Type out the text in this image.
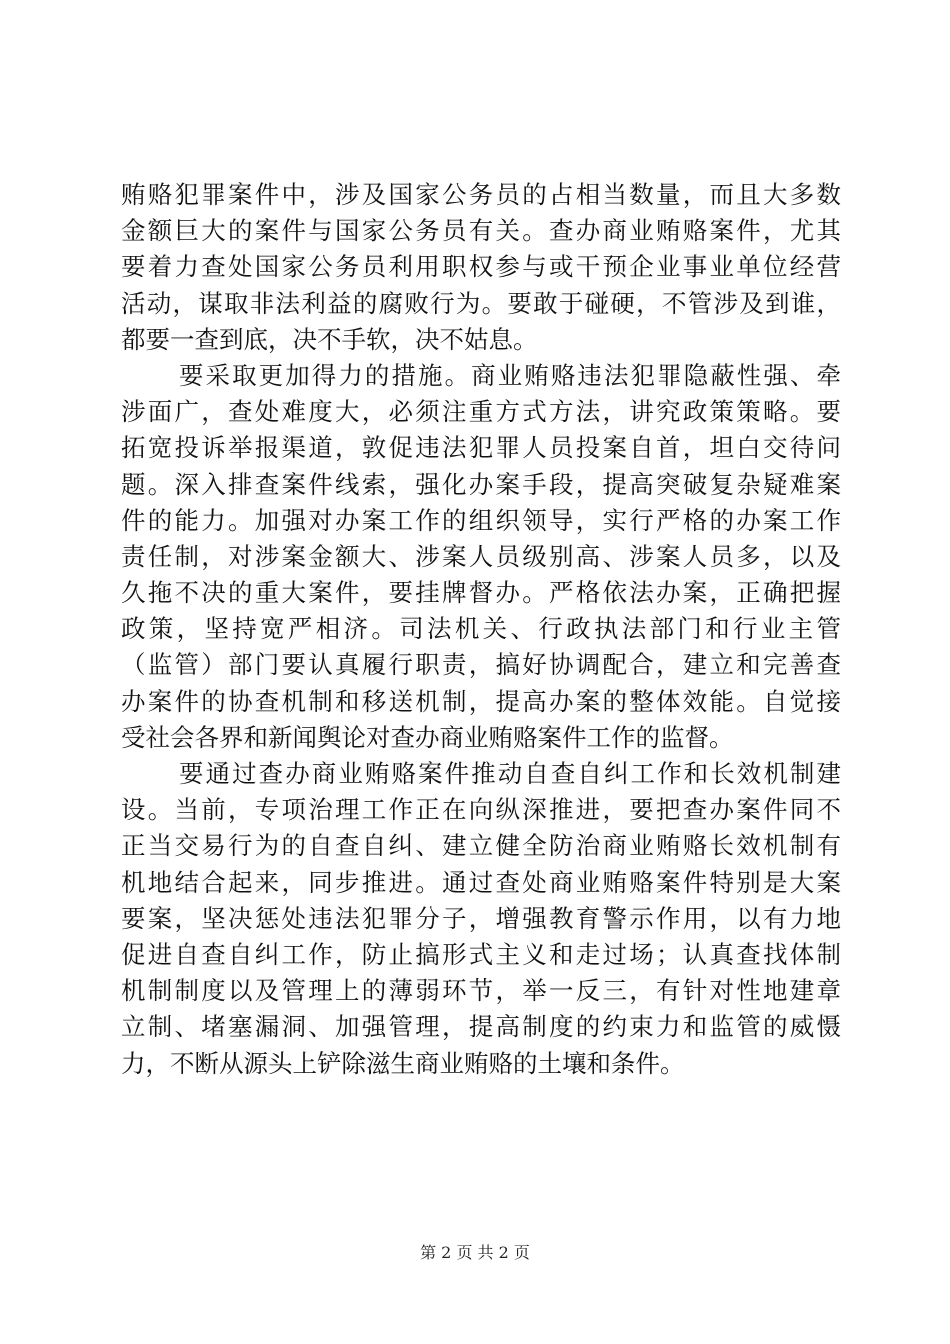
贿赂犯罪案件中，涉及国家公务员的占相当数量，而且大多数
金额巨大的案件与国家公务员有关。查办商业贿赂案件，尤其
要着力查处国家公务员利用职权参与或干预企业事业单位经营
活动，谋取非法利益的腐败行为。要敢于碰硬，不管涉及到谁，
都要一查到底，决不手软，决不姑息。
要采取更加得力的措施。商业贿赂违法犯罪隐蔽性强、牵
涉面广，查处难度大，必须注重方式方法，讲究政策策略。要
拓宽投诉举报渠道，敦促违法犯罪人员投案自首，坦白交待问
题。深入排查案件线索，强化办案手段，提高突破复杂疑难案
件的能力。加强对办案工作的组织领导，实行严格的办案工作
责任制，对涉案金额大、涉案人员级别高、涉案人员多，以及
久拖不决的重大案件，要挂牌督办。严格依法办案，正确把握
政策，坚持宽严相济。司法机关、行政执法部门和行业主管
（监管）部门要认真履行职责，搞好协调配合，建立和完善查
办案件的协查机制和移送机制，提高办案的整体效能。自觉接
受社会各界和新闻舆论对查办商业贿赂案件工作的监督。
要通过查办商业贿赂案件推动自查自纠工作和长效机制建
设。当前，专项治理工作正在向纵深推进，要把查办案件同不
正当交易行为的自查自纠、建立健全防治商业贿赂长效机制有
机地结合起来，同步推进。通过查处商业贿赂案件特别是大案
要案，坚决惩处违法犯罪分子，增强教育警示作用，以有力地
促进自查自纠工作，防止搞形式主义和走过场；认真查找体制
机制制度以及管理上的薄弱环节，举一反三，有针对性地建章
立制、堵塞漏洞、加强管理，提高制度的约束力和监管的威慑
力，不断从源头上铲除滋生商业贿赂的土壤和条件。
第 2 页 共 2 页
